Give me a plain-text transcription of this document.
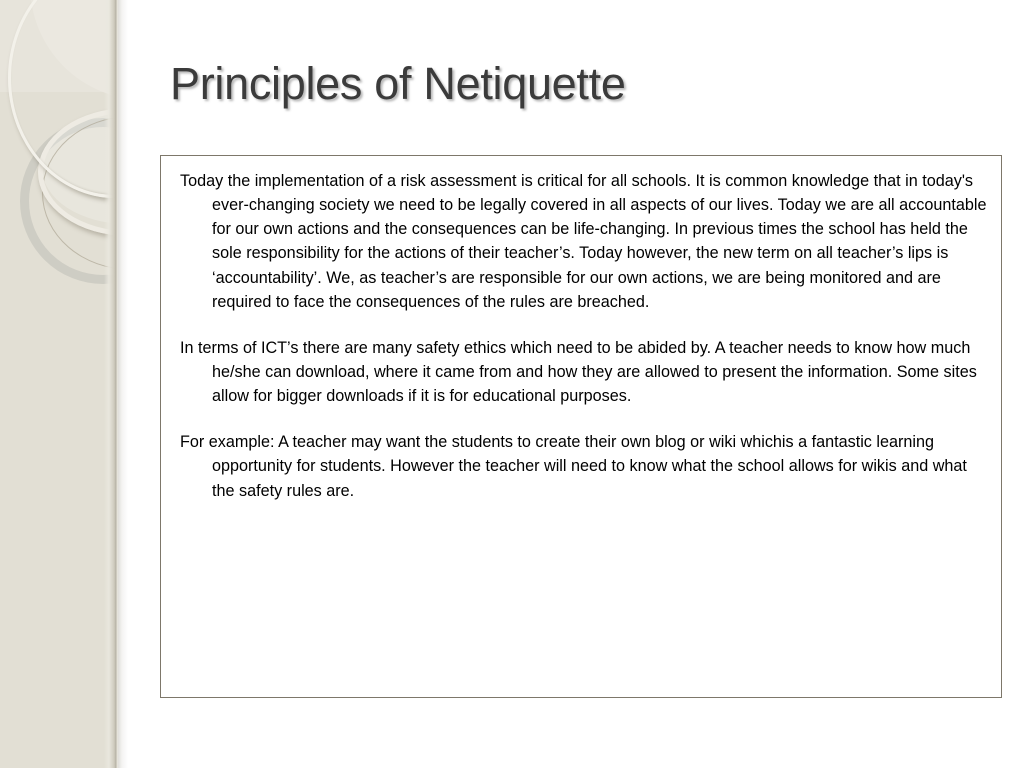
Principles of Netiquette

Today the implementation of a risk assessment is critical for all schools. It is common knowledge that in today's ever-changing society we need to be legally covered in all aspects of our lives. Today we are all accountable for our own actions and the consequences can be life-changing. In previous times the school has held the sole responsibility for the actions of their teacher’s. Today however, the new term on all teacher’s lips is ‘accountability’. We, as teacher’s are responsible for our own actions, we are being monitored and are required to face the consequences of the rules are breached.

In terms of ICT’s there are many safety ethics which need to be abided by. A teacher needs to know how much he/she can download, where it came from and how they are allowed to present the information. Some sites allow for bigger downloads if it is for educational purposes.

For example: A teacher may want the students to create their own blog or wiki whichis a fantastic learning opportunity for students. However the teacher will need to know what the school allows for wikis and what the safety rules are.
